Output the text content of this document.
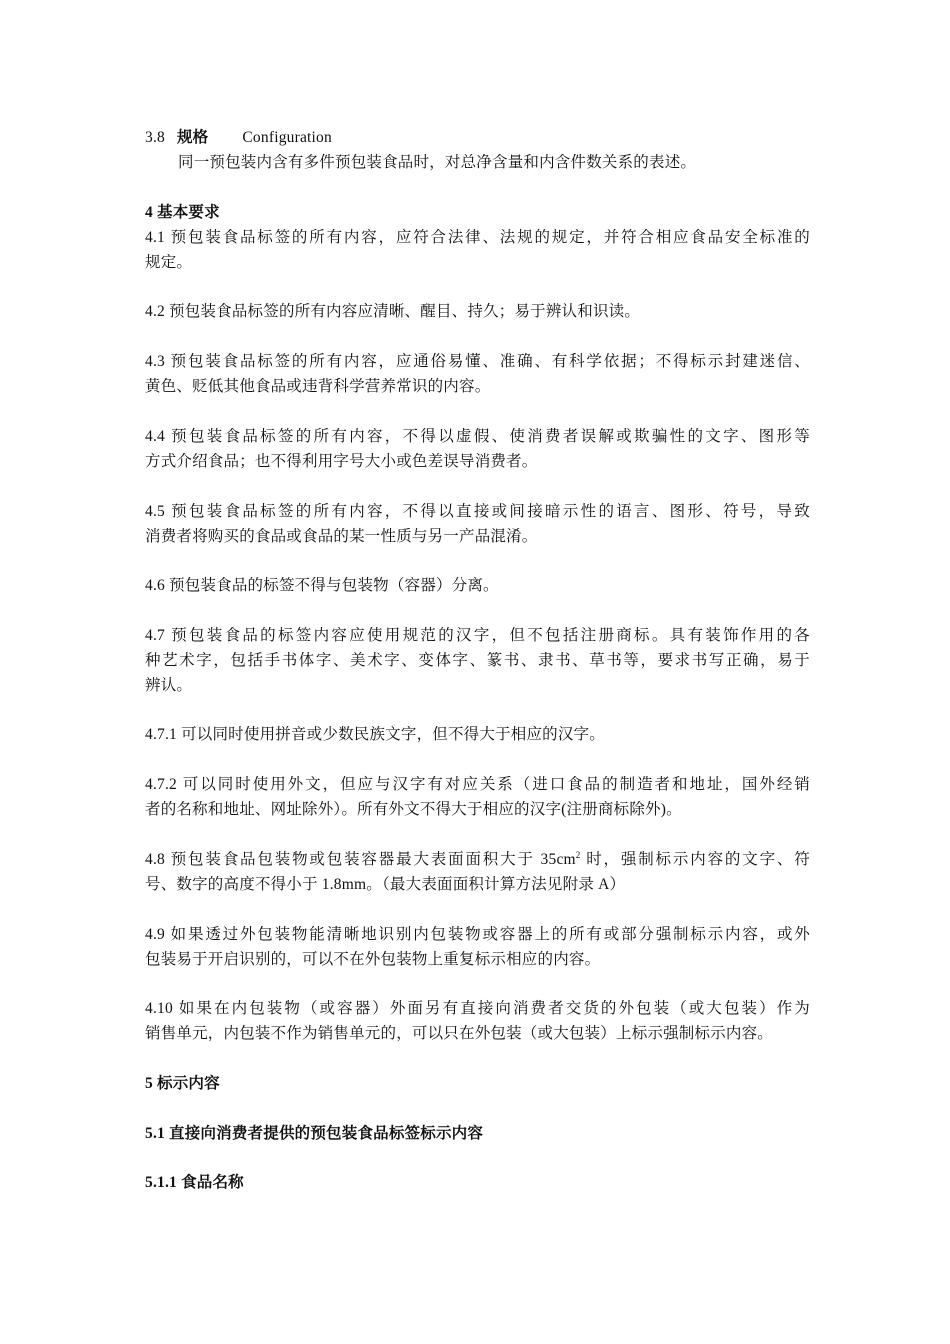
3.8 规格 Configuration
同一预包装内含有多件预包装食品时，对总净含量和内含件数关系的表述。
4 基本要求
4.1 预包装食品标签的所有内容，应符合法律、法规的规定，并符合相应食品安全标准的
规定。
4.2 预包装食品标签的所有内容应清晰、醒目、持久；易于辨认和识读。
4.3 预包装食品标签的所有内容，应通俗易懂、准确、有科学依据；不得标示封建迷信、
黄色、贬低其他食品或违背科学营养常识的内容。
4.4 预包装食品标签的所有内容，不得以虚假、使消费者误解或欺骗性的文字、图形等
方式介绍食品；也不得利用字号大小或色差误导消费者。
4.5 预包装食品标签的所有内容，不得以直接或间接暗示性的语言、图形、符号，导致
消费者将购买的食品或食品的某一性质与另一产品混淆。
4.6 预包装食品的标签不得与包装物（容器）分离。
4.7 预包装食品的标签内容应使用规范的汉字，但不包括注册商标。具有装饰作用的各
种艺术字，包括手书体字、美术字、变体字、篆书、隶书、草书等，要求书写正确，易于
辨认。
4.7.1 可以同时使用拼音或少数民族文字，但不得大于相应的汉字。
4.7.2 可以同时使用外文，但应与汉字有对应关系（进口食品的制造者和地址，国外经销
者的名称和地址、网址除外）。所有外文不得大于相应的汉字(注册商标除外)。
4.8 预包装食品包装物或包装容器最大表面面积大于 $35cm^2$ 时，强制标示内容的文字、符
号、数字的高度不得小于 1.8mm。（最大表面面积计算方法见附录 A）
4.9 如果透过外包装物能清晰地识别内包装物或容器上的所有或部分强制标示内容，或外
包装易于开启识别的，可以不在外包装物上重复标示相应的内容。
4.10 如果在内包装物（或容器）外面另有直接向消费者交货的外包装（或大包装）作为
销售单元，内包装不作为销售单元的，可以只在外包装（或大包装）上标示强制标示内容。
5 标示内容
5.1 直接向消费者提供的预包装食品标签标示内容
5.1.1 食品名称
